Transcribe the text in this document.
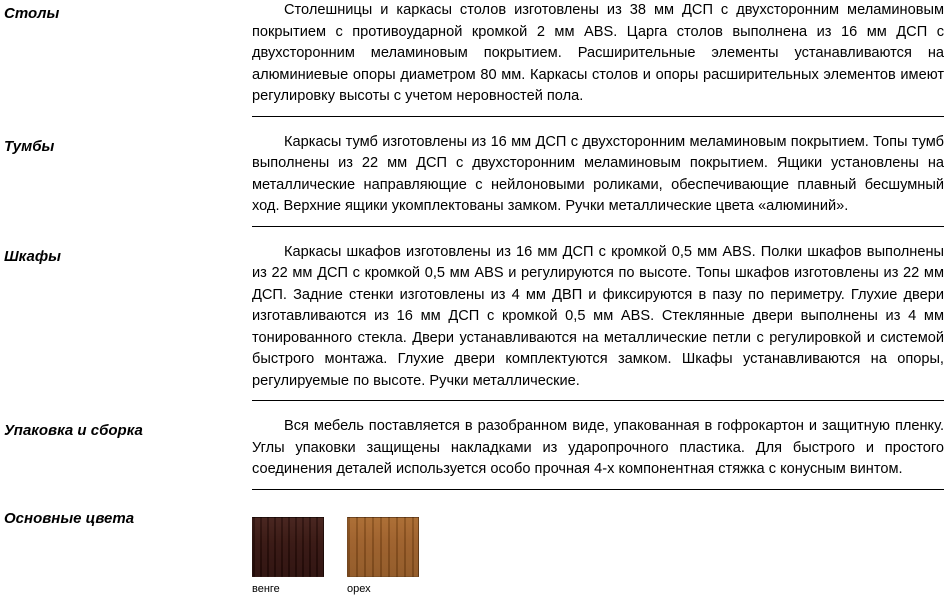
Столы	Столешницы и каркасы столов изготовлены из 38 мм ДСП с двухсторонним меламиновым покрытием с противоударной кромкой 2 мм ABS. Царга столов выполнена из 16 мм ДСП с двухсторонним меламиновым покрытием. Расширительные элементы устанавливаются на алюминиевые опоры диаметром 80 мм. Каркасы столов и опоры расширительных элементов имеют регулировку высоты с учетом неровностей пола.

Тумбы	Каркасы тумб изготовлены из 16 мм ДСП с двухсторонним меламиновым покрытием. Топы тумб выполнены из 22 мм ДСП с двухсторонним меламиновым покрытием. Ящики установлены на металлические направляющие с нейлоновыми роликами, обеспечивающие плавный бесшумный ход. Верхние ящики укомплектованы замком. Ручки металлические цвета «алюминий».

Шкафы	Каркасы шкафов изготовлены из 16 мм ДСП с кромкой 0,5 мм ABS. Полки шкафов выполнены из 22 мм ДСП с кромкой 0,5 мм ABS и регулируются по высоте. Топы шкафов изготовлены из 22 мм ДСП. Задние стенки изготовлены из 4 мм ДВП и фиксируются в пазу по периметру. Глухие двери изготавливаются из 16 мм ДСП с кромкой 0,5 мм ABS. Стеклянные двери выполнены из 4 мм тонированного стекла. Двери устанавливаются на металлические петли с регулировкой и системой быстрого монтажа. Глухие двери комплектуются замком. Шкафы устанавливаются на опоры, регулируемые по высоте. Ручки металлические.

Упаковка и сборка	Вся мебель поставляется в разобранном виде, упакованная в гофрокартон и защитную пленку. Углы упаковки защищены накладками из ударопрочного пластика. Для быстрого и простого соединения деталей используется особо прочная 4-х компонентная стяжка с конусным винтом.

Основные цвета
венге	орех
